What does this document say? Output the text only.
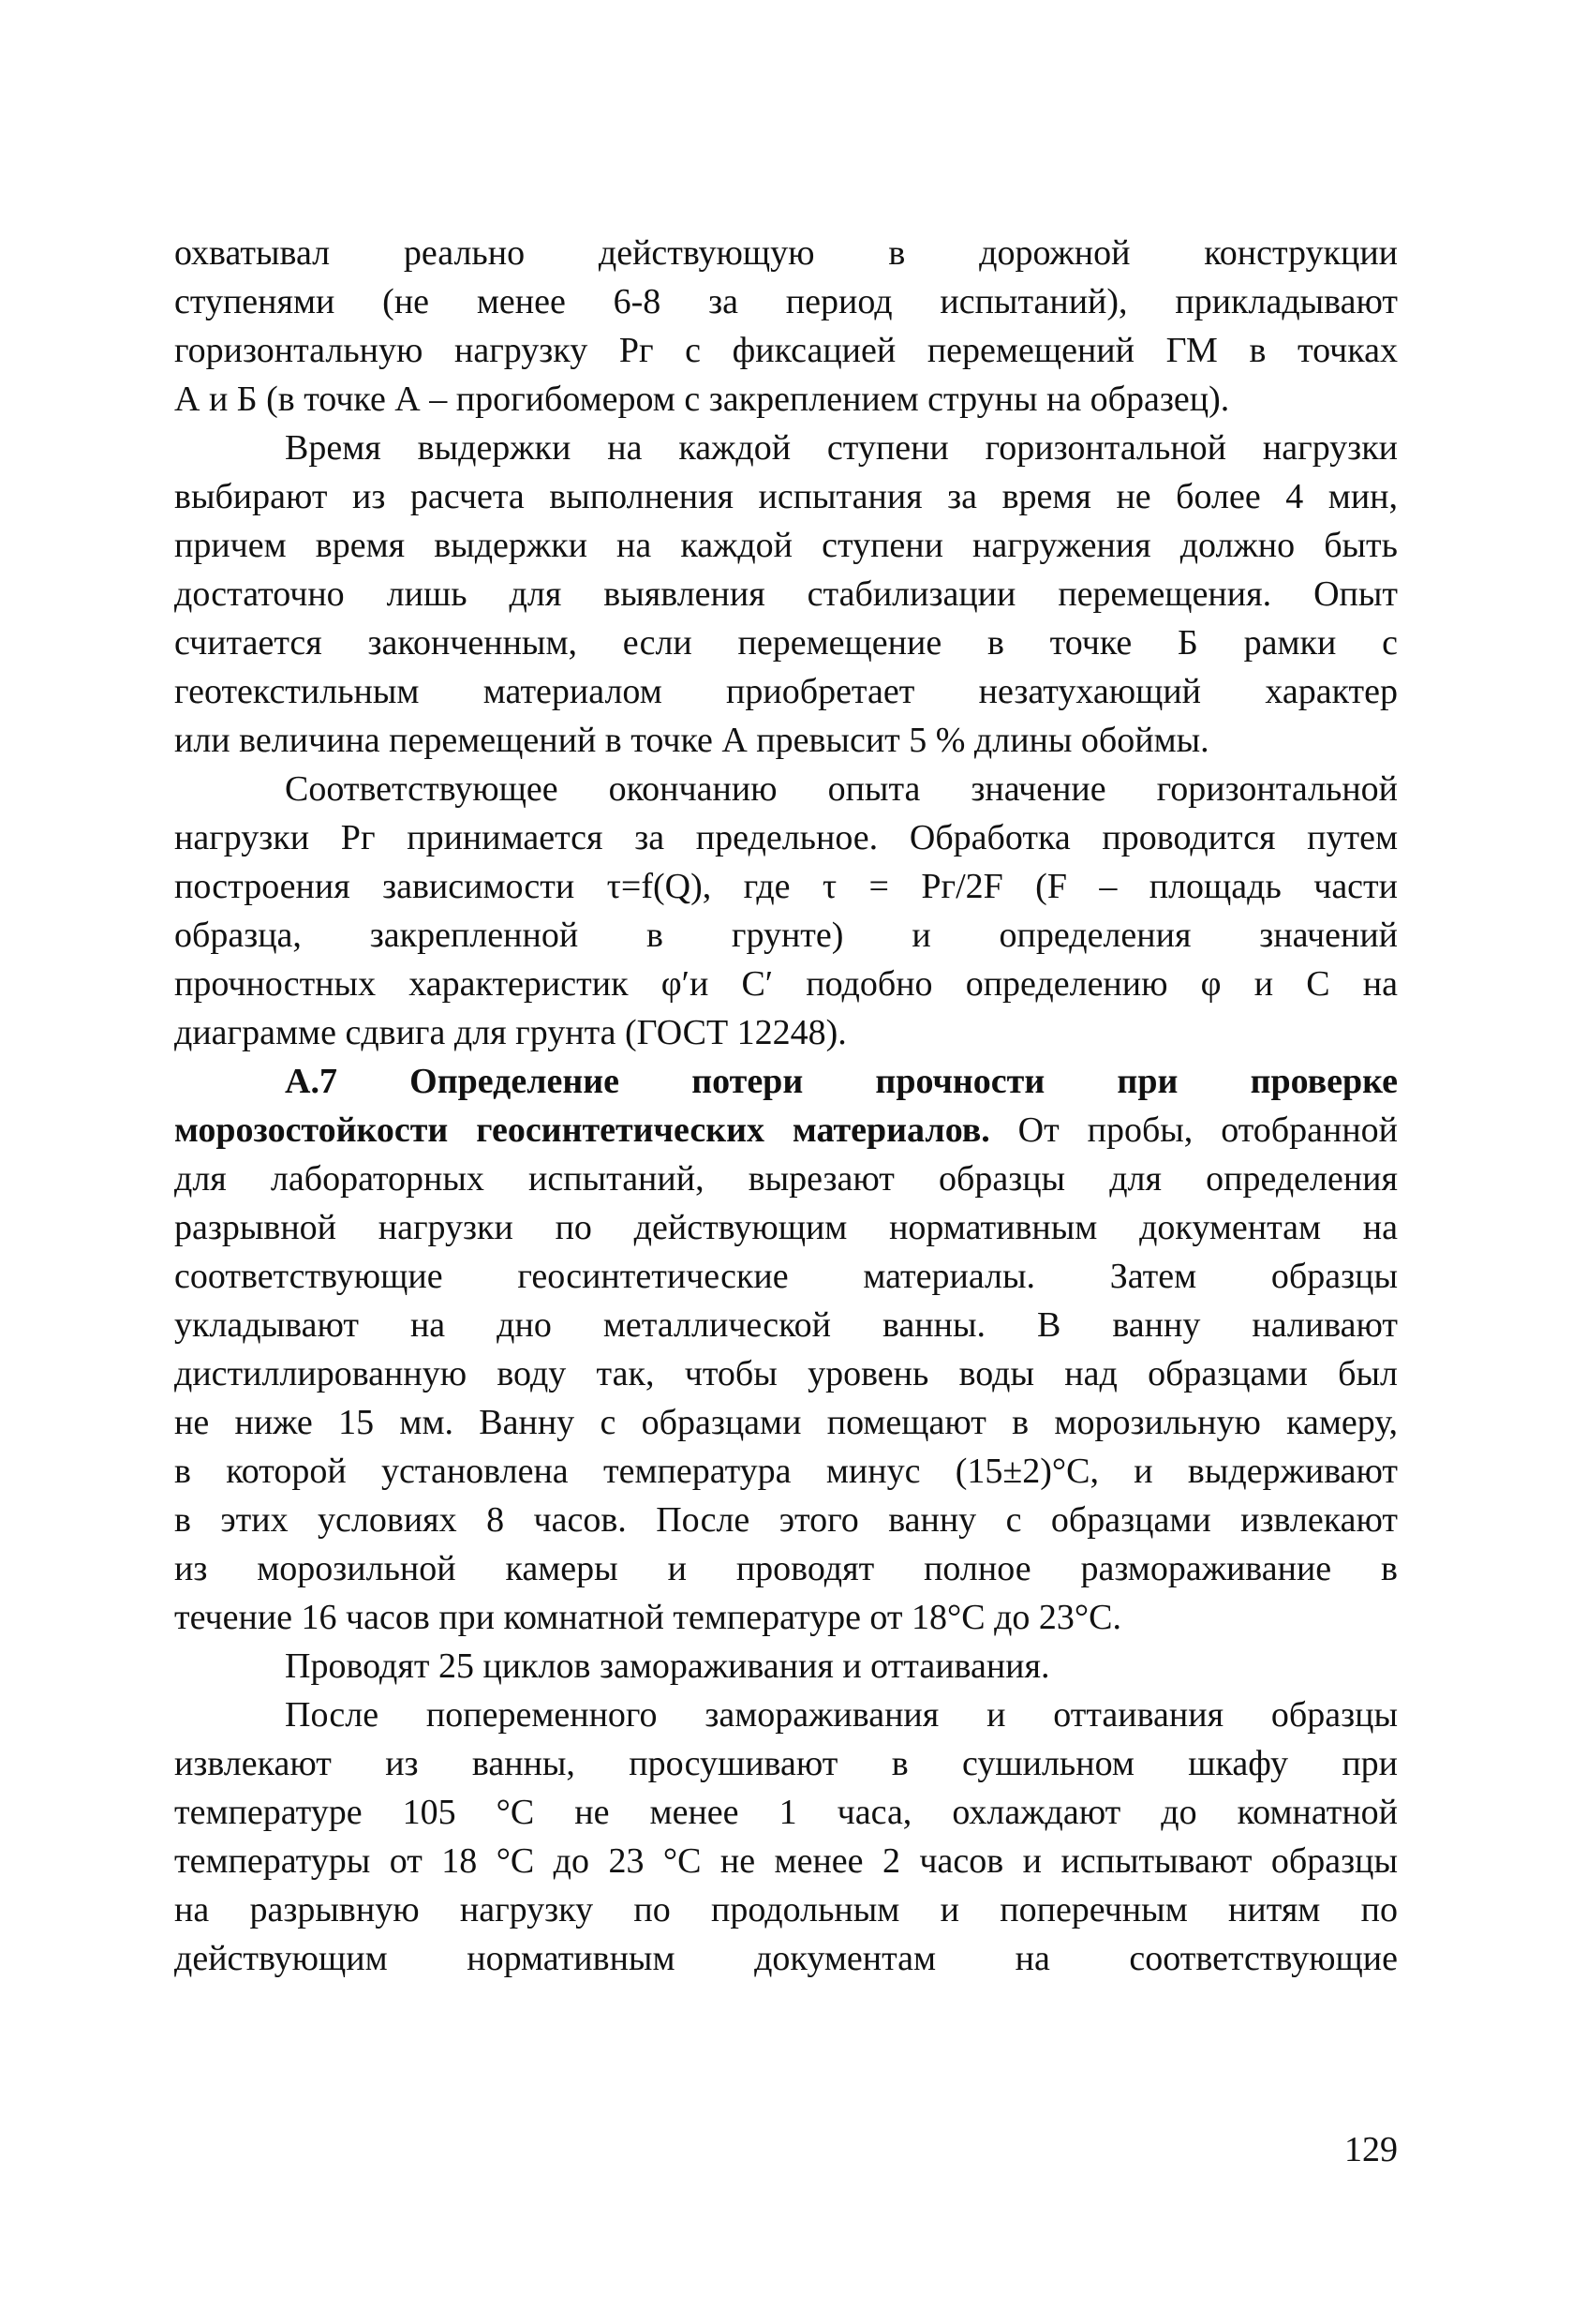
охватывал реально действующую в дорожной конструкции
ступенями (не менее 6-8 за период испытаний), прикладывают
горизонтальную нагрузку Pг с фиксацией перемещений ГМ в точках
А и Б (в точке А – прогибомером с закреплением струны на образец).
Время выдержки на каждой ступени горизонтальной нагрузки
выбирают из расчета выполнения испытания за время не более 4 мин,
причем время выдержки на каждой ступени нагружения должно быть
достаточно лишь для выявления стабилизации перемещения. Опыт
считается законченным, если перемещение в точке Б рамки с
геотекстильным материалом приобретает незатухающий характер
или величина перемещений в точке А превысит 5 % длины обоймы.
Соответствующее окончанию опыта значение горизонтальной
нагрузки Pг принимается за предельное. Обработка проводится путем
построения зависимости τ=f(Q), где τ = Pг/2F (F – площадь части
образца, закрепленной в грунте) и определения значений
прочностных характеристик φ′и С′ подобно определению φ и С на
диаграмме сдвига для грунта (ГОСТ 12248).
А.7 Определение потери прочности при проверке
морозостойкости геосинтетических материалов. От пробы, отобранной
для лабораторных испытаний, вырезают образцы для определения
разрывной нагрузки по действующим нормативным документам на
соответствующие геосинтетические материалы. Затем образцы
укладывают на дно металлической ванны. В ванну наливают
дистиллированную воду так, чтобы уровень воды над образцами был
не ниже 15 мм. Ванну с образцами помещают в морозильную камеру,
в которой установлена температура минус (15±2)°С, и выдерживают
в этих условиях 8 часов. После этого ванну с образцами извлекают
из морозильной камеры и проводят полное размораживание в
течение 16 часов при комнатной температуре от 18°С до 23°С.
Проводят 25 циклов замораживания и оттаивания.
После попеременного замораживания и оттаивания образцы
извлекают из ванны, просушивают в сушильном шкафу при
температуре 105 °С не менее 1 часа, охлаждают до комнатной
температуры от 18 °С до 23 °С не менее 2 часов и испытывают образцы
на разрывную нагрузку по продольным и поперечным нитям по
действующим нормативным документам на соответствующие
129
